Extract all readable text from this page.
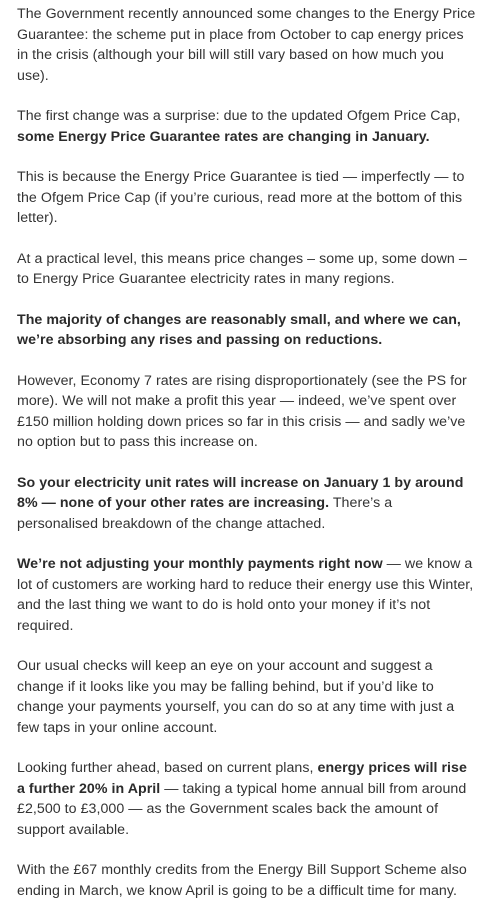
The Government recently announced some changes to the Energy Price Guarantee: the scheme put in place from October to cap energy prices in the crisis (although your bill will still vary based on how much you use).

The first change was a surprise: due to the updated Ofgem Price Cap, some Energy Price Guarantee rates are changing in January.

This is because the Energy Price Guarantee is tied — imperfectly — to the Ofgem Price Cap (if you’re curious, read more at the bottom of this letter).

At a practical level, this means price changes – some up, some down – to Energy Price Guarantee electricity rates in many regions.

The majority of changes are reasonably small, and where we can, we’re absorbing any rises and passing on reductions.

However, Economy 7 rates are rising disproportionately (see the PS for more). We will not make a profit this year — indeed, we’ve spent over £150 million holding down prices so far in this crisis — and sadly we’ve no option but to pass this increase on.

So your electricity unit rates will increase on January 1 by around 8% — none of your other rates are increasing. There’s a personalised breakdown of the change attached.

We’re not adjusting your monthly payments right now — we know a lot of customers are working hard to reduce their energy use this Winter, and the last thing we want to do is hold onto your money if it’s not required.

Our usual checks will keep an eye on your account and suggest a change if it looks like you may be falling behind, but if you’d like to change your payments yourself, you can do so at any time with just a few taps in your online account.

Looking further ahead, based on current plans, energy prices will rise a further 20% in April — taking a typical home annual bill from around £2,500 to £3,000 — as the Government scales back the amount of support available.

With the £67 monthly credits from the Energy Bill Support Scheme also ending in March, we know April is going to be a difficult time for many.
